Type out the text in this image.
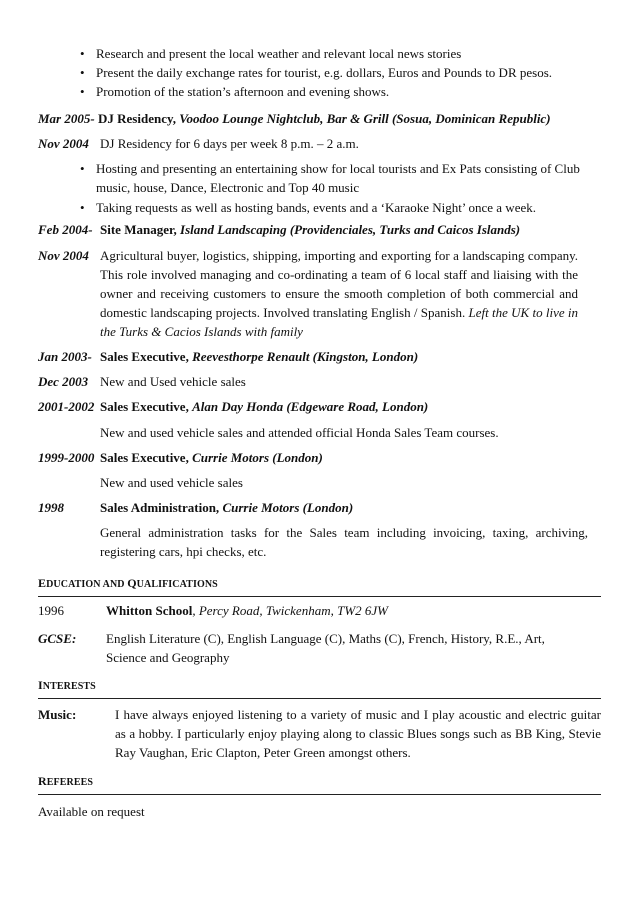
• Research and present the local weather and relevant local news stories
• Present the daily exchange rates for tourist, e.g. dollars, Euros and Pounds to DR pesos.
• Promotion of the station’s afternoon and evening shows.
Mar 2005- DJ Residency, Voodoo Lounge Nightclub, Bar & Grill (Sosua, Dominican Republic)
Nov 2004 DJ Residency for 6 days per week 8 p.m. – 2 a.m.
• Hosting and presenting an entertaining show for local tourists and Ex Pats consisting of Club music, house, Dance, Electronic and Top 40 music
• Taking requests as well as hosting bands, events and a ‘Karaoke Night’ once a week.
Feb 2004- Site Manager, Island Landscaping (Providenciales, Turks and Caicos Islands)
Nov 2004 Agricultural buyer, logistics, shipping, importing and exporting for a landscaping company. This role involved managing and co-ordinating a team of 6 local staff and liaising with the owner and receiving customers to ensure the smooth completion of both commercial and domestic landscaping projects. Involved translating English / Spanish. Left the UK to live in the Turks & Cacios Islands with family
Jan 2003- Sales Executive, Reevesthorpe Renault (Kingston, London)
Dec 2003 New and Used vehicle sales
2001-2002 Sales Executive, Alan Day Honda (Edgeware Road, London)
New and used vehicle sales and attended official Honda Sales Team courses.
1999-2000 Sales Executive, Currie Motors (London)
New and used vehicle sales
1998	Sales Administration, Currie Motors (London)
General administration tasks for the Sales team including invoicing, taxing, archiving, registering cars, hpi checks, etc.
EDUCATION AND QUALIFICATIONS
1996	Whitton School, Percy Road, Twickenham, TW2 6JW
GCSE: English Literature (C), English Language (C), Maths (C), French, History, R.E., Art, Science and Geography
INTERESTS
Music:	I have always enjoyed listening to a variety of music and I play acoustic and electric guitar as a hobby. I particularly enjoy playing along to classic Blues songs such as BB King, Stevie Ray Vaughan, Eric Clapton, Peter Green amongst others.
REFEREES
Available on request
